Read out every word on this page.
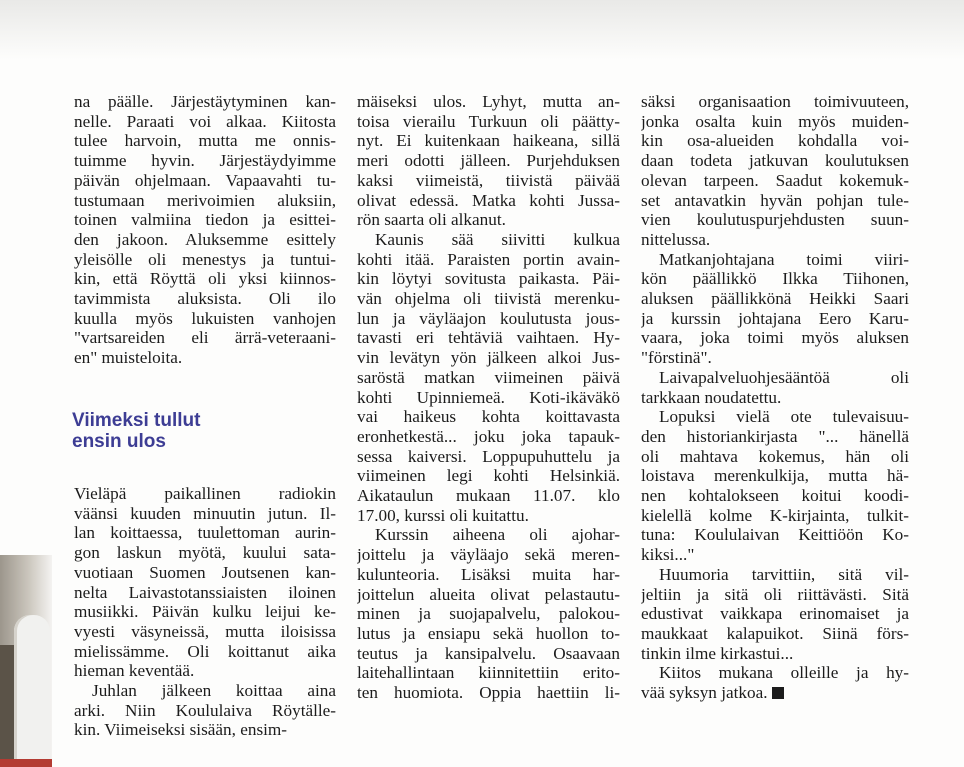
na päälle. Järjestäytyminen kan-
nelle. Paraati voi alkaa. Kiitosta
tulee harvoin, mutta me onnis-
tuimme hyvin. Järjestäydyimme
päivän ohjelmaan. Vapaavahti tu-
tustumaan merivoimien aluksiin,
toinen valmiina tiedon ja esittei-
den jakoon. Aluksemme esittely
yleisölle oli menestys ja tuntui-
kin, että Röyttä oli yksi kiinnos-
tavimmista aluksista. Oli ilo
kuulla myös lukuisten vanhojen
"vartsareiden eli ärrä-veteraani-
en" muisteloita.
Viimeksi tullut
ensin ulos
Vieläpä paikallinen radiokin
väänsi kuuden minuutin jutun. Il-
lan koittaessa, tuulettoman aurin-
gon laskun myötä, kuului sata-
vuotiaan Suomen Joutsenen kan-
nelta Laivastotanssiaisten iloinen
musiikki. Päivän kulku leijui ke-
vyesti väsyneissä, mutta iloisissa
mielissämme. Oli koittanut aika
hieman keventää.
Juhlan jälkeen koittaa aina
arki. Niin Koululaiva Röytälle-
kin. Viimeiseksi sisään, ensim-
mäiseksi ulos. Lyhyt, mutta an-
toisa vierailu Turkuun oli päätty-
nyt. Ei kuitenkaan haikeana, sillä
meri odotti jälleen. Purjehduksen
kaksi viimeistä, tiivistä päivää
olivat edessä. Matka kohti Jussa-
rön saarta oli alkanut.
Kaunis sää siivitti kulkua
kohti itää. Paraisten portin avain-
kin löytyi sovitusta paikasta. Päi-
vän ohjelma oli tiivistä merenku-
lun ja väyläajon koulutusta jous-
tavasti eri tehtäviä vaihtaen. Hy-
vin levätyn yön jälkeen alkoi Jus-
saröstä matkan viimeinen päivä
kohti Upinniemeä. Koti-ikäväkö
vai haikeus kohta koittavasta
eronhetkestä... joku joka tapauk-
sessa kaiversi. Loppupuhuttelu ja
viimeinen legi kohti Helsinkiä.
Aikataulun mukaan 11.07. klo
17.00, kurssi oli kuitattu.
Kurssin aiheena oli ajohar-
joittelu ja väyläajo sekä meren-
kulunteoria. Lisäksi muita har-
joittelun alueita olivat pelastautu-
minen ja suojapalvelu, palokou-
lutus ja ensiapu sekä huollon to-
teutus ja kansipalvelu. Osaavaan
laitehallintaan kiinnitettiin erito-
ten huomiota. Oppia haettiin li-
säksi organisaation toimivuuteen,
jonka osalta kuin myös muiden-
kin osa-alueiden kohdalla voi-
daan todeta jatkuvan koulutuksen
olevan tarpeen. Saadut kokemuk-
set antavatkin hyvän pohjan tule-
vien koulutuspurjehdusten suun-
nittelussa.
Matkanjohtajana toimi viiri-
kön päällikkö Ilkka Tiihonen,
aluksen päällikkönä Heikki Saari
ja kurssin johtajana Eero Karu-
vaara, joka toimi myös aluksen
"förstinä".
Laivapalveluohjesääntöä oli
tarkkaan noudatettu.
Lopuksi vielä ote tulevaisuu-
den historiankirjasta "... hänellä
oli mahtava kokemus, hän oli
loistava merenkulkija, mutta hä-
nen kohtalokseen koitui koodi-
kielellä kolme K-kirjainta, tulkit-
tuna: Koululaivan Keittiöön Ko-
kiksi..."
Huumoria tarvittiin, sitä vil-
jeltiin ja sitä oli riittävästi. Sitä
edustivat vaikkapa erinomaiset ja
maukkaat kalapuikot. Siinä förs-
tinkin ilme kirkastui...
Kiitos mukana olleille ja hy-
vää syksyn jatkoa.
